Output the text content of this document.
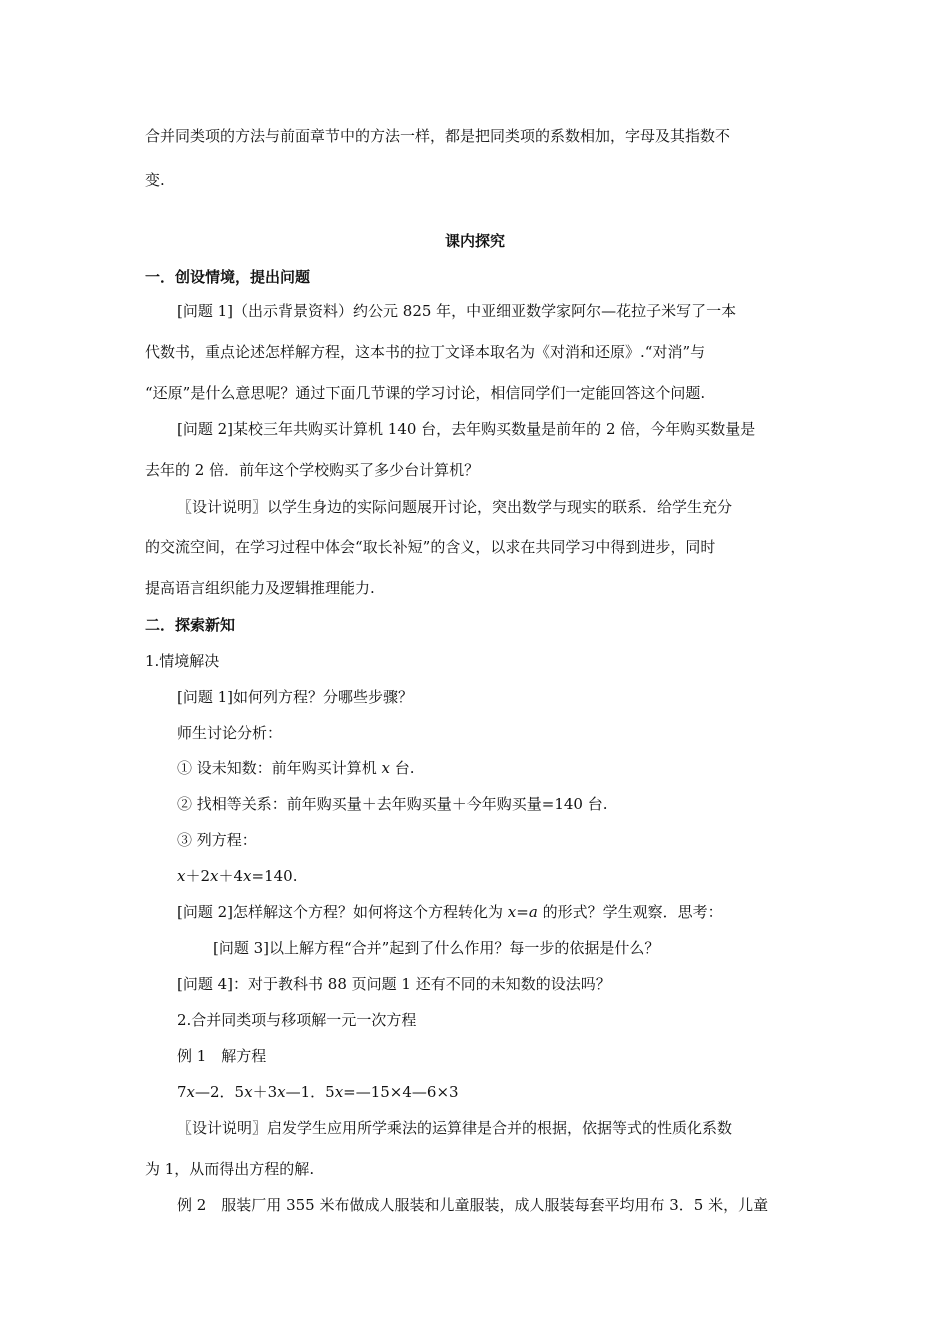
合并同类项的方法与前面章节中的方法一样，都是把同类项的系数相加，字母及其指数不
变.
课内探究
一．创设情境，提出问题
[问题 1]（出示背景资料）约公元 825 年，中亚细亚数学家阿尔—花拉子米写了一本
代数书，重点论述怎样解方程，这本书的拉丁文译本取名为《对消和还原》.“对消”与
“还原”是什么意思呢？通过下面几节课的学习讨论，相信同学们一定能回答这个问题.
[问题 2]某校三年共购买计算机 140 台，去年购买数量是前年的 2 倍，今年购买数量是
去年的 2 倍．前年这个学校购买了多少台计算机？
〖设计说明〗以学生身边的实际问题展开讨论，突出数学与现实的联系．给学生充分
的交流空间，在学习过程中体会“取长补短”的含义，以求在共同学习中得到进步，同时
提高语言组织能力及逻辑推理能力.
二．探索新知
1.情境解决
[问题 1]如何列方程？分哪些步骤？
师生讨论分析：
① 设未知数：前年购买计算机 x 台.
② 找相等关系：前年购买量＋去年购买量＋今年购买量=140 台.
③ 列方程：
x＋2x＋4x=140.
[问题 2]怎样解这个方程？如何将这个方程转化为 x=a 的形式？学生观察．思考：
[问题 3]以上解方程“合并”起到了什么作用？每一步的依据是什么？
[问题 4]：对于教科书 88 页问题 1 还有不同的未知数的设法吗？
2.合并同类项与移项解一元一次方程
例 1　解方程
7x—2．5x＋3x—1．5x=—15×4—6×3
〖设计说明〗启发学生应用所学乘法的运算律是合并的根据，依据等式的性质化系数
为 1，从而得出方程的解.
例 2　服装厂用 355 米布做成人服装和儿童服装，成人服装每套平均用布 3．5 米，儿童
